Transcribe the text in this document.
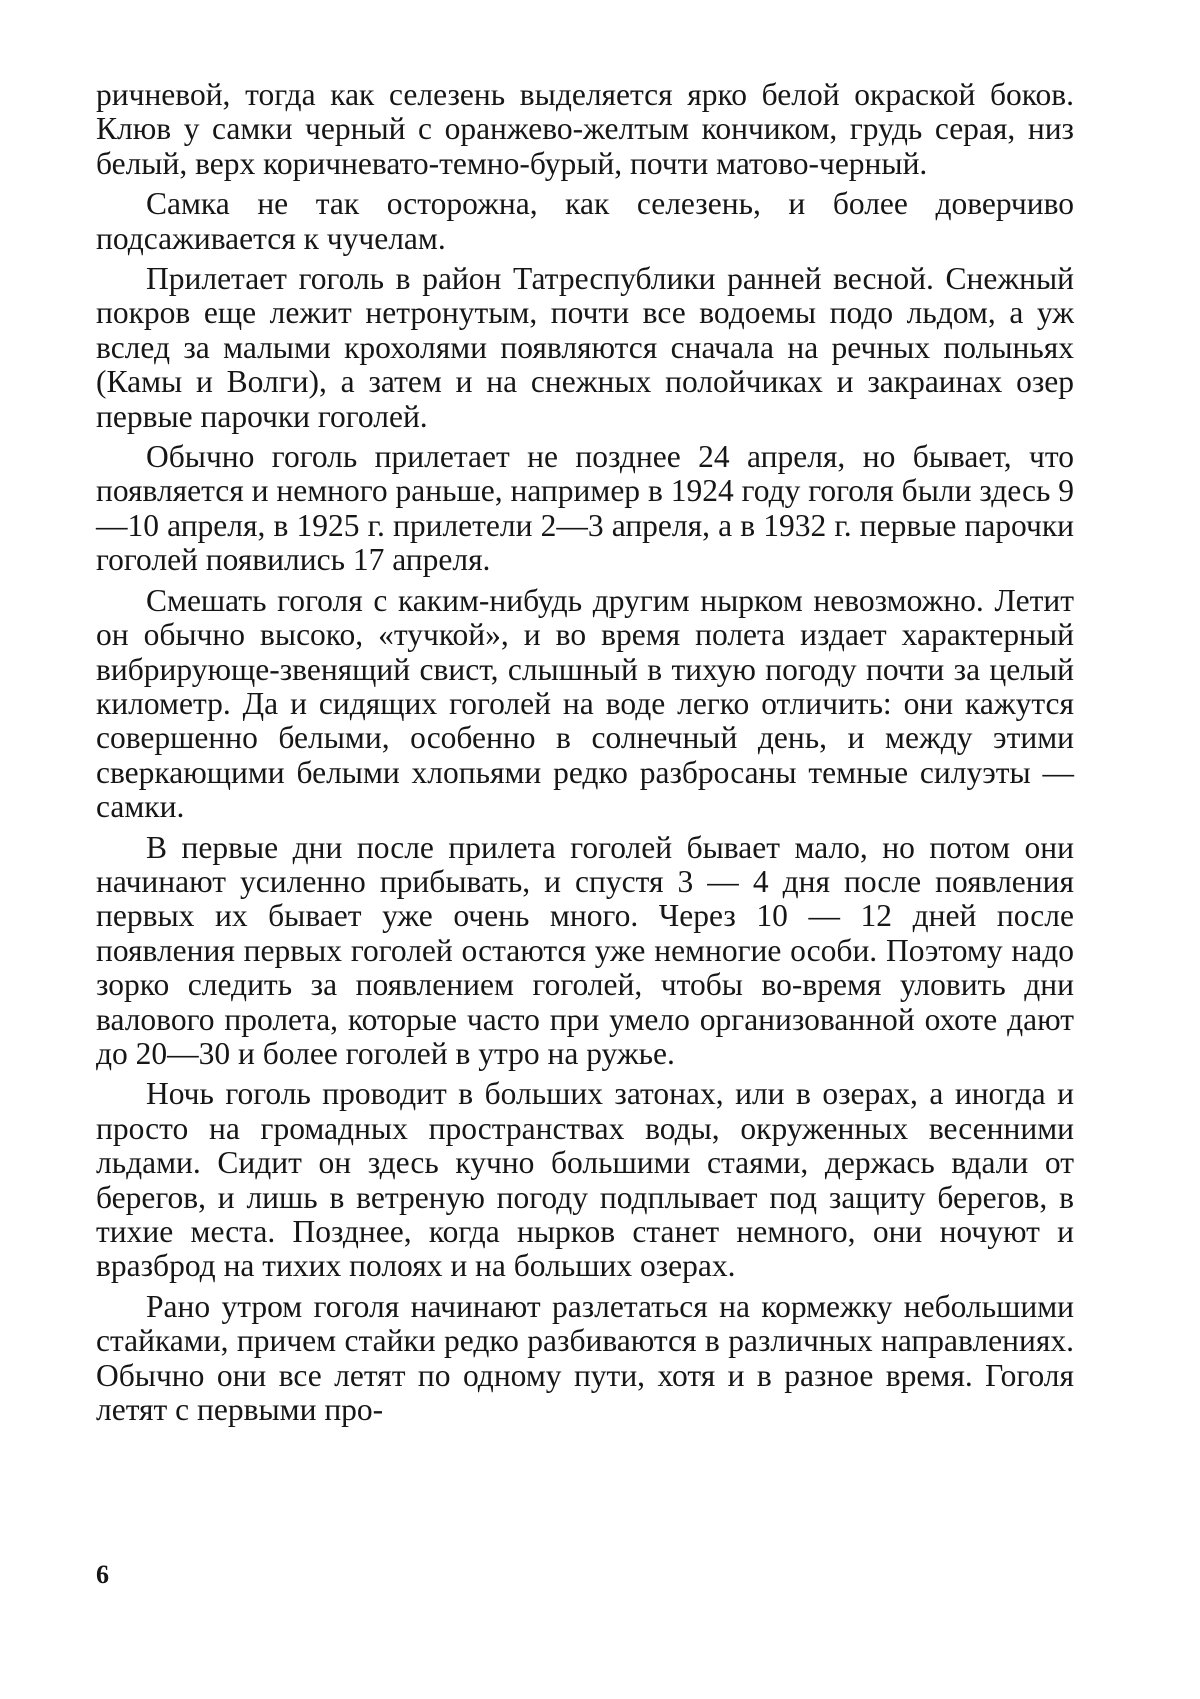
ричневой, тогда как селезень выделяется ярко белой окраской боков. Клюв у самки черный с оранжево-желтым кончиком, грудь серая, низ белый, верх коричневато-темно-бурый, почти матово-черный.

Самка не так осторожна, как селезень, и более доверчиво подсаживается к чучелам.

Прилетает гоголь в район Татреспублики ранней весной. Снежный покров еще лежит нетронутым, почти все водоемы подо льдом, а уж вслед за малыми крохолями появляются сначала на речных полыньях (Камы и Волги), а затем и на снежных полойчиках и закраинах озер первые парочки гоголей.

Обычно гоголь прилетает не позднее 24 апреля, но бывает, что появляется и немного раньше, например в 1924 году гоголя были здесь 9—10 апреля, в 1925 г. прилетели 2—3 апреля, а в 1932 г. первые парочки гоголей появились 17 апреля.

Смешать гоголя с каким-нибудь другим нырком невозможно. Летит он обычно высоко, «тучкой», и во время полета издает характерный вибрирующе-звенящий свист, слышный в тихую погоду почти за целый километр. Да и сидящих гоголей на воде легко отличить: они кажутся совершенно белыми, особенно в солнечный день, и между этими сверкающими белыми хлопьями редко разбросаны темные силуэты — самки.

В первые дни после прилета гоголей бывает мало, но потом они начинают усиленно прибывать, и спустя 3 — 4 дня после появления первых их бывает уже очень много. Через 10 — 12 дней после появления первых гоголей остаются уже немногие особи. Поэтому надо зорко следить за появлением гоголей, чтобы во-время уловить дни валового пролета, которые часто при умело организованной охоте дают до 20—30 и более гоголей в утро на ружье.

Ночь гоголь проводит в больших затонах, или в озерах, а иногда и просто на громадных пространствах воды, окруженных весенними льдами. Сидит он здесь кучно большими стаями, держась вдали от берегов, и лишь в ветреную погоду подплывает под защиту берегов, в тихие места. Позднее, когда нырков станет немного, они ночуют и вразброд на тихих полоях и на больших озерах.

Рано утром гоголя начинают разлетаться на кормежку небольшими стайками, причем стайки редко разбиваются в различных направлениях. Обычно они все летят по одному пути, хотя и в разное время. Гоголя летят с первыми про-

6
